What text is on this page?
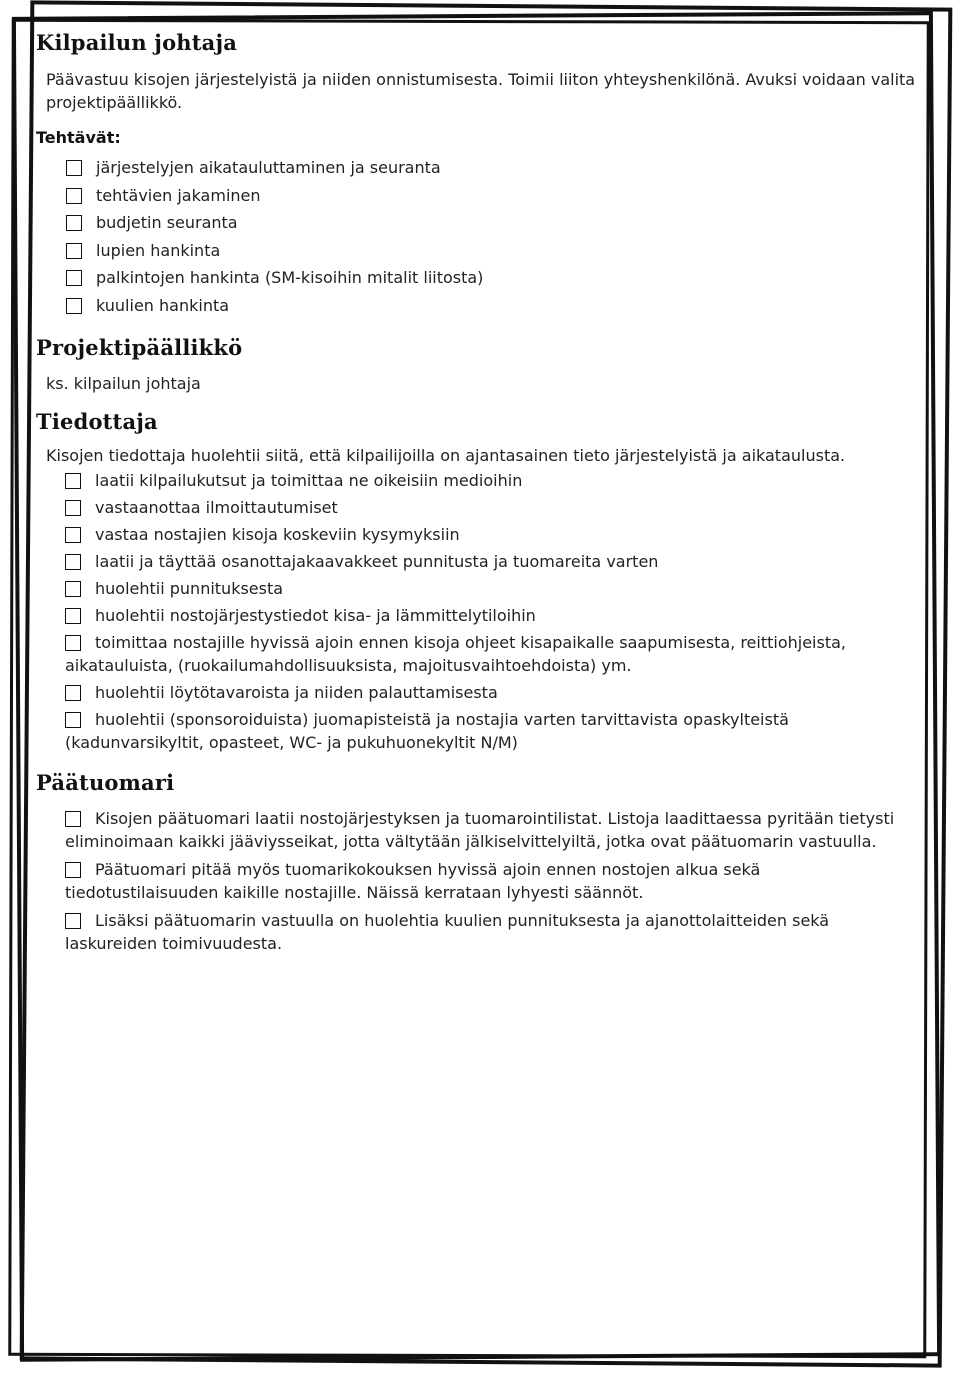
Kilpailun johtaja

Päävastuu kisojen järjestelyistä ja niiden onnistumisesta. Toimii liiton yhteyshenkilönä. Avuksi voidaan valita projektipäällikkö.

Tehtävät:

järjestelyjen aikatauluttaminen ja seuranta
tehtävien jakaminen
budjetin seuranta
lupien hankinta
palkintojen hankinta (SM-kisoihin mitalit liitosta)
kuulien hankinta
Projektipäällikkö

ks. kilpailun johtaja

Tiedottaja

Kisojen tiedottaja huolehtii siitä, että kilpailijoilla on ajantasainen tieto järjestelyistä ja aikataulusta.

laatii kilpailukutsut ja toimittaa ne oikeisiin medioihin
vastaanottaa ilmoittautumiset
vastaa nostajien kisoja koskeviin kysymyksiin
laatii ja täyttää osanottajakaavakkeet punnitusta ja tuomareita varten
huolehtii punnituksesta
huolehtii nostojärjestystiedot kisa- ja lämmittelytiloihin
toimittaa nostajille hyvissä ajoin ennen kisoja ohjeet kisapaikalle saapumisesta, reittiohjeista, aikatauluista, (ruokailumahdollisuuksista, majoitusvaihtoehdoista) ym.
huolehtii löytötavaroista ja niiden palauttamisesta
huolehtii (sponsoroiduista) juomapisteistä ja nostajia varten tarvittavista opaskylteistä (kadunvarsikyltit, opasteet, WC- ja pukuhuonekyltit N/M)
Päätuomari
Kisojen päätuomari laatii nostojärjestyksen ja tuomarointilistat. Listoja laadittaessa pyritään tietysti eliminoimaan kaikki jääviysseikat, jotta vältytään jälkiselvittelyiltä, jotka ovat päätuomarin vastuulla.
Päätuomari pitää myös tuomarikokouksen hyvissä ajoin ennen nostojen alkua sekä tiedotustilaisuuden kaikille nostajille. Näissä kerrataan lyhyesti säännöt.
Lisäksi päätuomarin vastuulla on huolehtia kuulien punnituksesta ja ajanottolaitteiden sekä laskureiden toimivuudesta.
